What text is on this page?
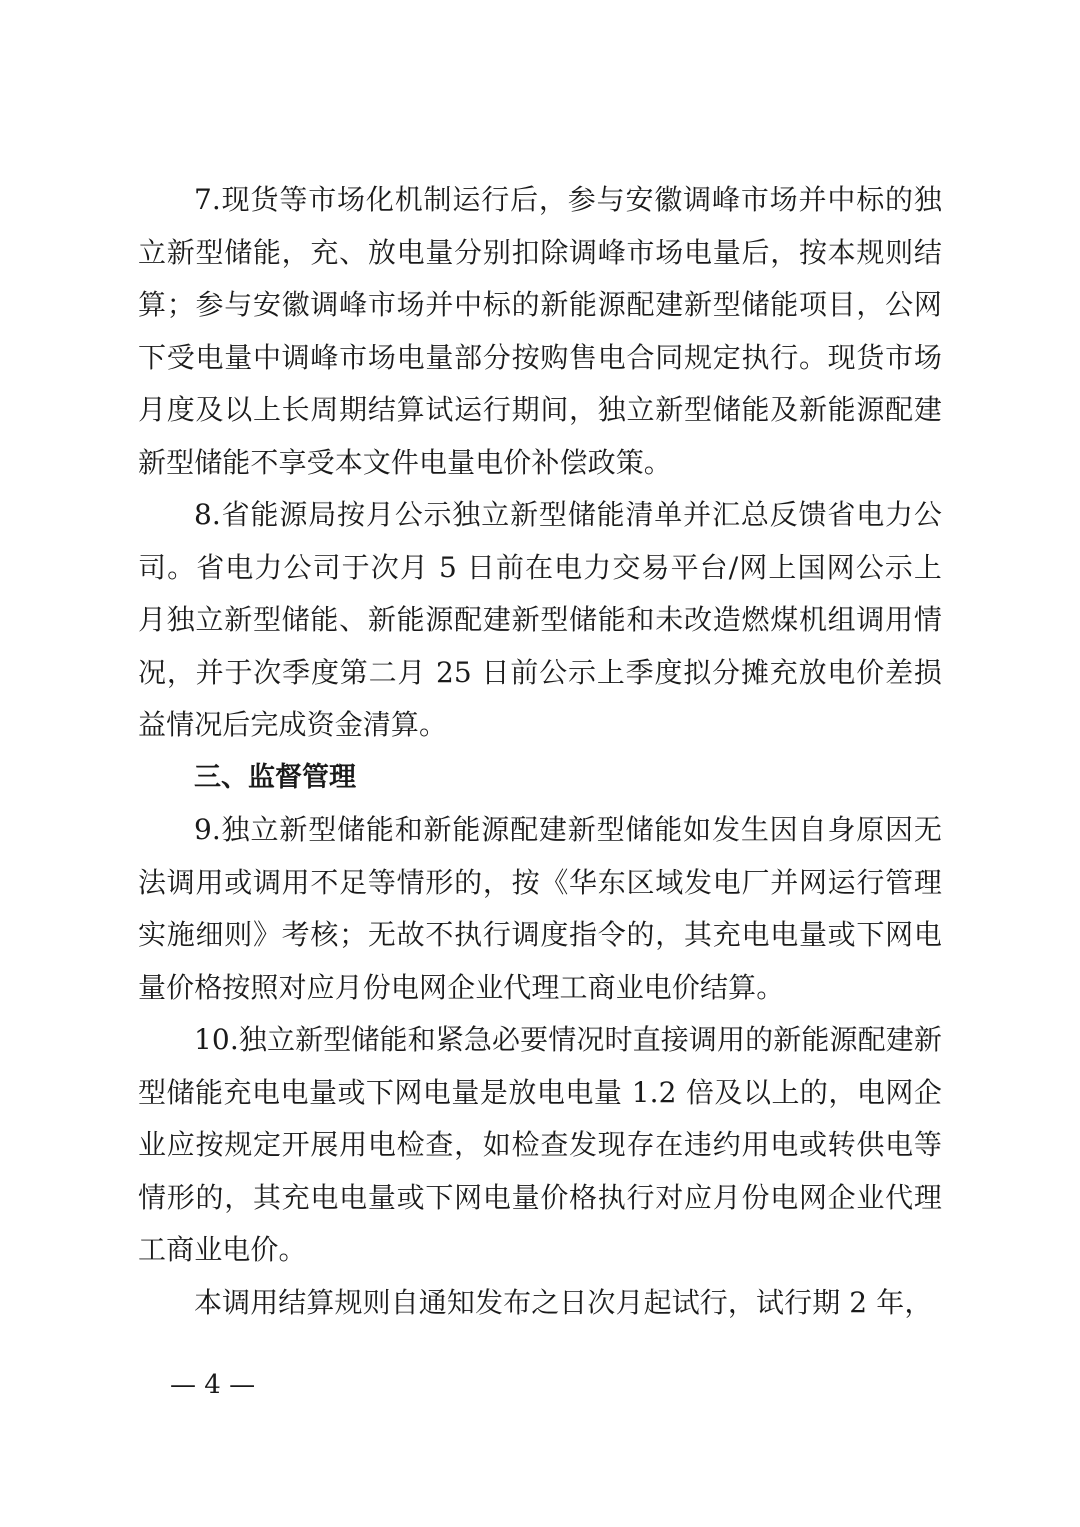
7.现货等市场化机制运行后，参与安徽调峰市场并中标的独立新型储能，充、放电量分别扣除调峰市场电量后，按本规则结算；参与安徽调峰市场并中标的新能源配建新型储能项目，公网下受电量中调峰市场电量部分按购售电合同规定执行。现货市场月度及以上长周期结算试运行期间，独立新型储能及新能源配建新型储能不享受本文件电量电价补偿政策。

8.省能源局按月公示独立新型储能清单并汇总反馈省电力公司。省电力公司于次月 5 日前在电力交易平台/网上国网公示上月独立新型储能、新能源配建新型储能和未改造燃煤机组调用情况，并于次季度第二月 25 日前公示上季度拟分摊充放电价差损益情况后完成资金清算。

三、监督管理

9.独立新型储能和新能源配建新型储能如发生因自身原因无法调用或调用不足等情形的，按《华东区域发电厂并网运行管理实施细则》考核；无故不执行调度指令的，其充电电量或下网电量价格按照对应月份电网企业代理工商业电价结算。

10.独立新型储能和紧急必要情况时直接调用的新能源配建新型储能充电电量或下网电量是放电电量 1.2 倍及以上的，电网企业应按规定开展用电检查，如检查发现存在违约用电或转供电等情形的，其充电电量或下网电量价格执行对应月份电网企业代理工商业电价。

本调用结算规则自通知发布之日次月起试行，试行期 2 年，

— 4 —
